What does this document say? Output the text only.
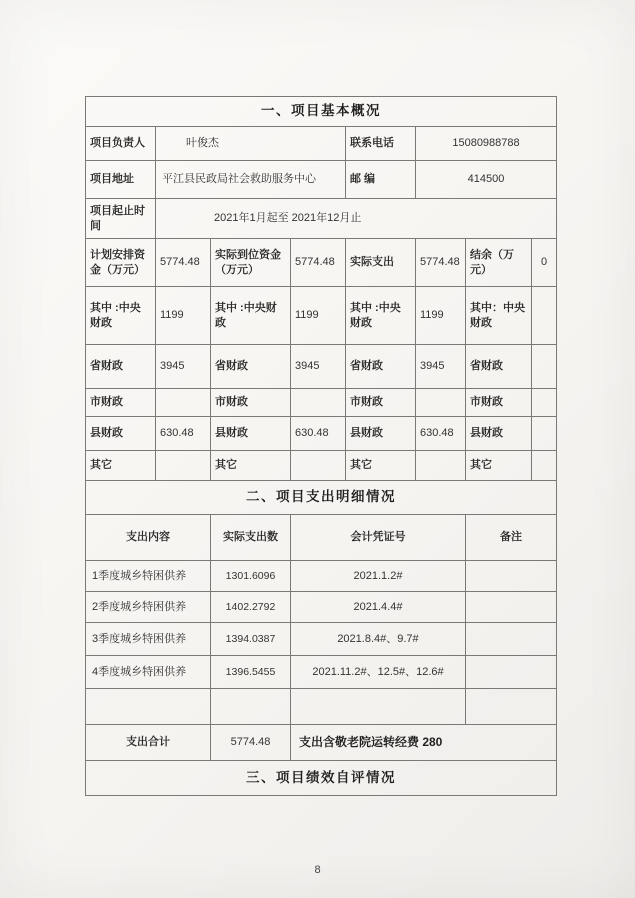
一、项目基本概况							
项目负责人	叶俊杰			联系电话	15080988788		
项目地址	平江县民政局社会救助服务中心			邮 编	414500		
项目起止时间	2021年1月起至 2021年12月止						
计划安排资金（万元）	5774.48	实际到位资金（万元）	5774.48	实际支出	5774.48	结余（万元）	0
其中 :中央财政	1199	其中 :中央财政	1199	其中 :中央财政	1199	其中：中央财政	
省财政	3945	省财政	3945	省财政	3945	省财政	
市财政		市财政		市财政		市财政	
县财政	630.48	县财政	630.48	县财政	630.48	县财政	
其它		其它		其它		其它	
二、项目支出明细情况							
支出内容		实际支出数	会计凭证号			备注	
1季度城乡特困供养		1301.6096	2021.1.2#				
2季度城乡特困供养		1402.2792	2021.4.4#				
3季度城乡特困供养		1394.0387	2021.8.4#、9.7#				
4季度城乡特困供养		1396.5455	2021.11.2#、12.5#、12.6#				

支出合计		5774.48	支出含敬老院运转经费 280				
三、项目绩效自评情况							
8
